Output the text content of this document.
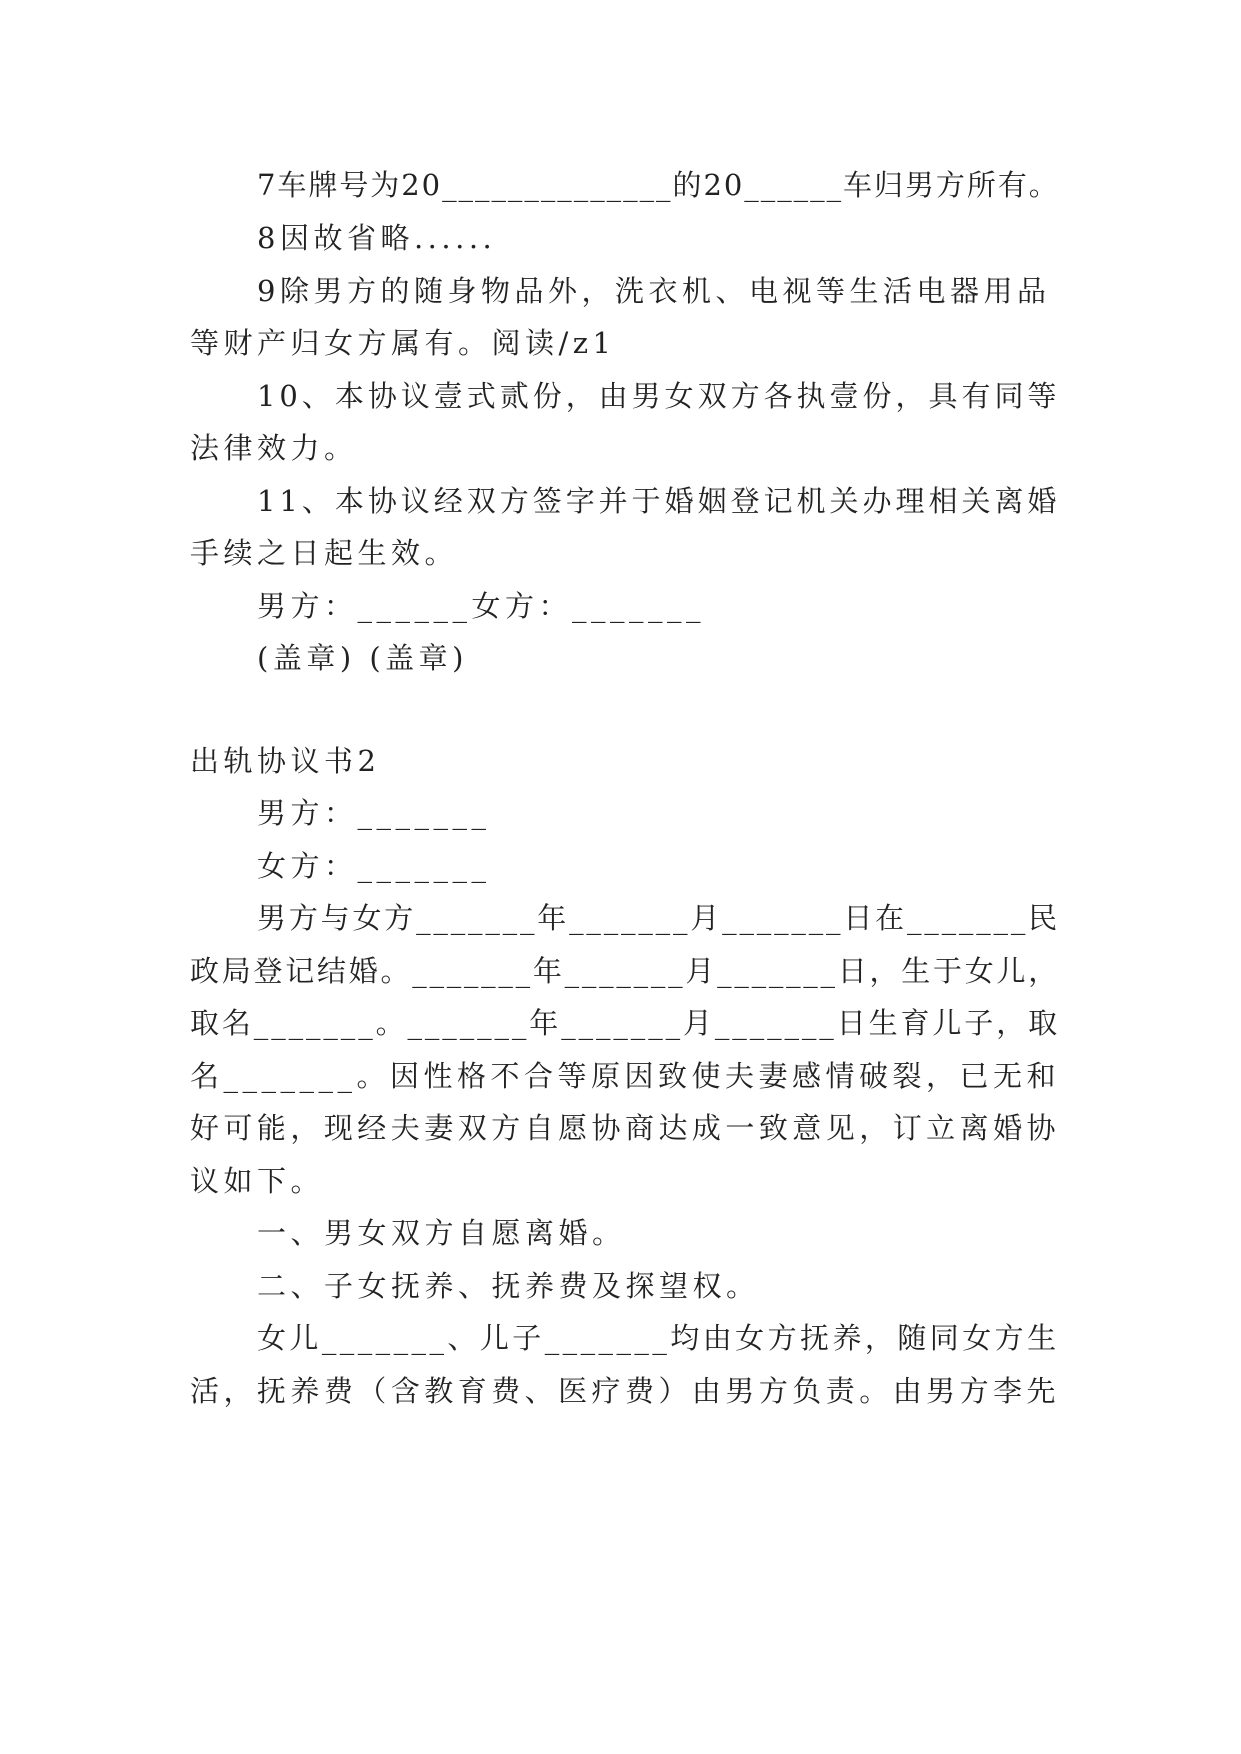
7车牌号为20______________的20______车归男方所有。
8因故省略......
9除男方的随身物品外，洗衣机、电视等生活电器用品
等财产归女方属有。阅读/z1
10、本协议壹式贰份，由男女双方各执壹份，具有同等
法律效力。
11、本协议经双方签字并于婚姻登记机关办理相关离婚
手续之日起生效。
男方：______女方：_______
(盖章) (盖章)
出轨协议书2
男方：_______
女方：_______
男方与女方_______年_______月_______日在_______民
政局登记结婚。_______年_______月_______日，生于女儿，
取名_______。_______年_______月_______日生育儿子，取
名_______。因性格不合等原因致使夫妻感情破裂，已无和
好可能，现经夫妻双方自愿协商达成一致意见，订立离婚协
议如下。
一、男女双方自愿离婚。
二、子女抚养、抚养费及探望权。
女儿_______、儿子_______均由女方抚养，随同女方生
活，抚养费（含教育费、医疗费）由男方负责。由男方李先
